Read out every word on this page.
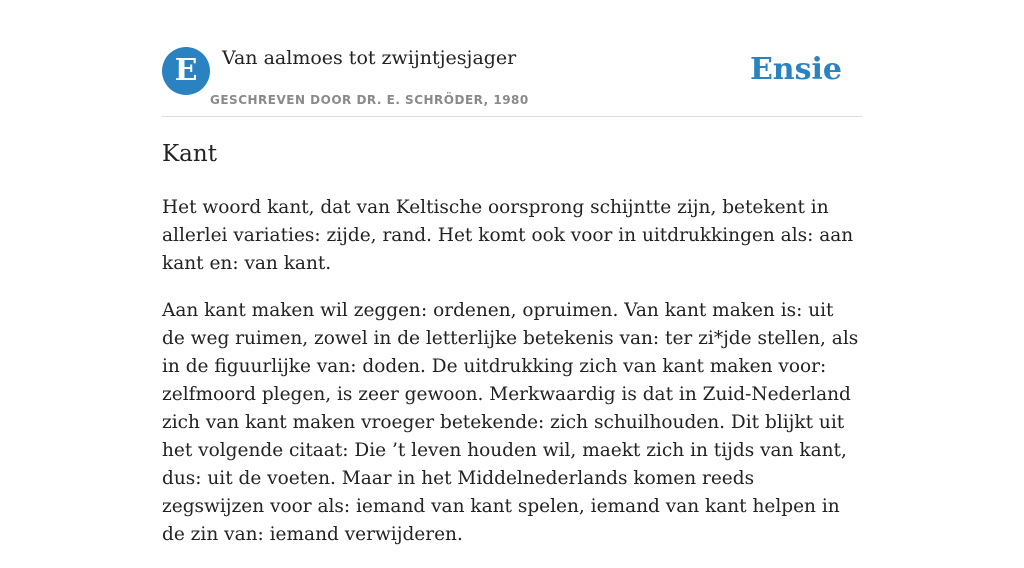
E	Van aalmoes tot zwijntjesjager
GESCHREVEN DOOR DR. E. SCHRÖDER, 1980
Ensie
Kant

Het woord kant, dat van Keltische oorsprong schijntte zijn, betekent in allerlei variaties: zijde, rand. Het komt ook voor in uitdrukkingen als: aan kant en: van kant.

Aan kant maken wil zeggen: ordenen, opruimen. Van kant maken is: uit de weg ruimen, zowel in de letterlijke betekenis van: ter zi*jde stellen, als in de figuurlijke van: doden. De uitdrukking zich van kant maken voor: zelfmoord plegen, is zeer gewoon. Merkwaardig is dat in Zuid-Nederland zich van kant maken vroeger betekende: zich schuilhouden. Dit blijkt uit het volgende citaat: Die ’t leven houden wil, maekt zich in tijds van kant, dus: uit de voeten. Maar in het Middelnederlands komen reeds zegswijzen voor als: iemand van kant spelen, iemand van kant helpen in de zin van: iemand verwijderen.
